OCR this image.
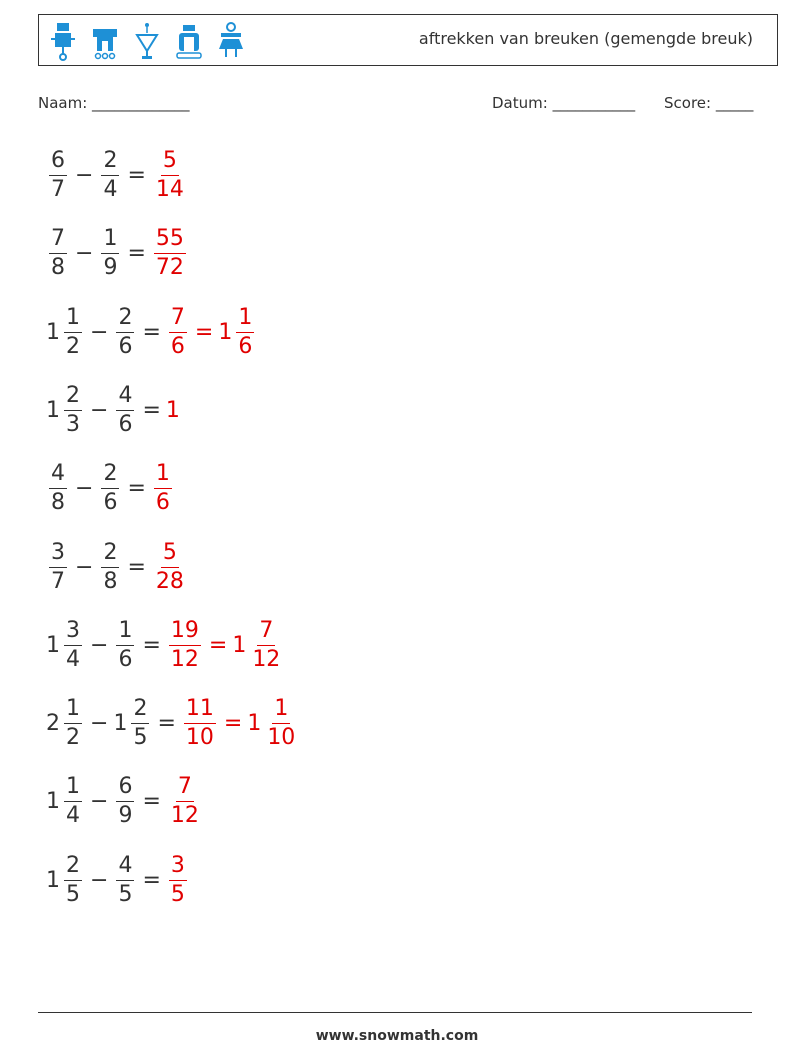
aftrekken van breuken (gemengde breuk)
Naam: _____________	Datum: ___________ Score: _____
$\frac{6}{7} - \frac{2}{4} = \frac{5}{14}$
$\frac{7}{8} - \frac{1}{9} = \frac{55}{72}$
$1 \frac{1}{2} - \frac{2}{6} = \frac{7}{6} = 1 \frac{1}{6}$
$1 \frac{2}{3} - \frac{4}{6} = 1$
$\frac{4}{8} - \frac{2}{6} = \frac{1}{6}$
$\frac{3}{7} - \frac{2}{8} = \frac{5}{28}$
$1 \frac{3}{4} - \frac{1}{6} = \frac{19}{12} = 1 \frac{7}{12}$
$2 \frac{1}{2} - 1 \frac{2}{5} = \frac{11}{10} = 1 \frac{1}{10}$
$1 \frac{1}{4} - \frac{6}{9} = \frac{7}{12}$
$1 \frac{2}{5} - \frac{4}{5} = \frac{3}{5}$
www.snowmath.com
